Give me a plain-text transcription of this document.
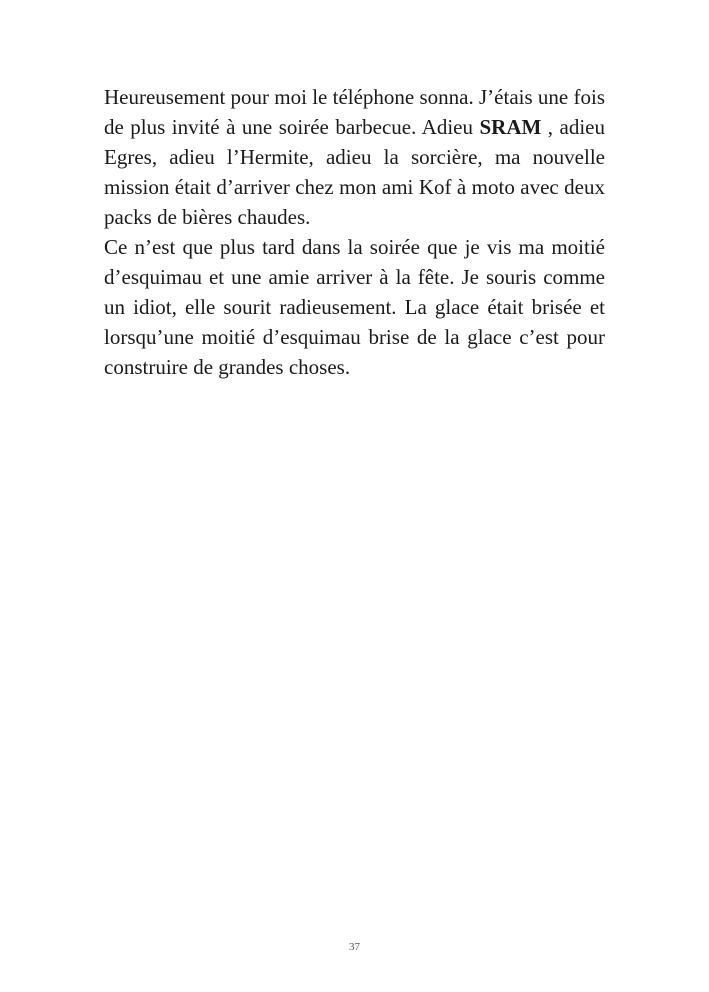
Heureusement pour moi le téléphone sonna. J’étais une fois de plus invité à une soirée barbecue. Adieu SRAM , adieu Egres, adieu l’Hermite, adieu la sorcière, ma nouvelle mission était d’arriver chez mon ami Kof à moto avec deux packs de bières chaudes.

Ce n’est que plus tard dans la soirée que je vis ma moitié d’esquimau et une amie arriver à la fête. Je souris comme un idiot, elle sourit radieusement. La glace était brisée et lorsqu’une moitié d’esquimau brise de la glace c’est pour construire de grandes choses.

37
